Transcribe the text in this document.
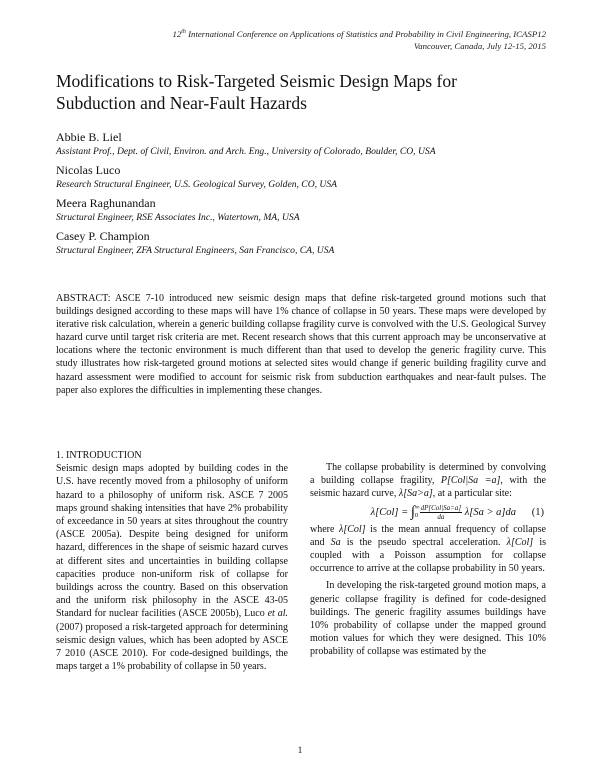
12th International Conference on Applications of Statistics and Probability in Civil Engineering, ICASP12
Vancouver, Canada, July 12-15, 2015
Modifications to Risk-Targeted Seismic Design Maps for
Subduction and Near-Fault Hazards
Abbie B. Liel
Assistant Prof., Dept. of Civil, Environ. and Arch. Eng., University of Colorado, Boulder, CO, USA
Nicolas Luco
Research Structural Engineer, U.S. Geological Survey, Golden, CO, USA
Meera Raghunandan
Structural Engineer, RSE Associates Inc., Watertown, MA, USA
Casey P. Champion
Structural Engineer, ZFA Structural Engineers, San Francisco, CA, USA
ABSTRACT: ASCE 7-10 introduced new seismic design maps that define risk-targeted ground motions such that buildings designed according to these maps will have 1% chance of collapse in 50 years. These maps were developed by iterative risk calculation, wherein a generic building collapse fragility curve is convolved with the U.S. Geological Survey hazard curve until target risk criteria are met. Recent research shows that this current approach may be unconservative at locations where the tectonic environment is much different than that used to develop the generic fragility curve. This study illustrates how risk-targeted ground motions at selected sites would change if generic building fragility curve and hazard assessment were modified to account for seismic risk from subduction earthquakes and near-fault pulses. The paper also explores the difficulties in implementing these changes.
1. INTRODUCTION
Seismic design maps adopted by building codes in the U.S. have recently moved from a philosophy of uniform hazard to a philosophy of uniform risk. ASCE 7 2005 maps ground shaking intensities that have 2% probability of exceedance in 50 years at sites throughout the country (ASCE 2005a). Despite being designed for uniform hazard, differences in the shape of seismic hazard curves at different sites and uncertainties in building collapse capacities produce non-uniform risk of collapse for buildings across the country. Based on this observation and the uniform risk philosophy in the ASCE 43-05 Standard for nuclear facilities (ASCE 2005b), Luco et al. (2007) proposed a risk-targeted approach for determining seismic design values, which has been adopted by ASCE 7 2010 (ASCE 2010). For code-designed buildings, the maps target a 1% probability of collapse in 50 years.
The collapse probability is determined by convolving a building collapse fragility, P[Col|Sa =a], with the seismic hazard curve, λ[Sa>a], at a particular site:
λ[Col] = ∫ ∞
$0 \frac{\text{dP[Col|Sa=a]}}{da} \lambda[Sa > a]da$ (1)
where λ[Col] is the mean annual frequency of collapse and Sa is the pseudo spectral acceleration. λ[Col] is coupled with a Poisson assumption for collapse occurrence to arrive at the collapse probability in 50 years.
In developing the risk-targeted ground motion maps, a generic collapse fragility is defined for code-designed buildings. The generic fragility assumes buildings have 10% probability of collapse under the mapped ground motion values for which they were designed. This 10% probability of collapse was estimated by the
1
